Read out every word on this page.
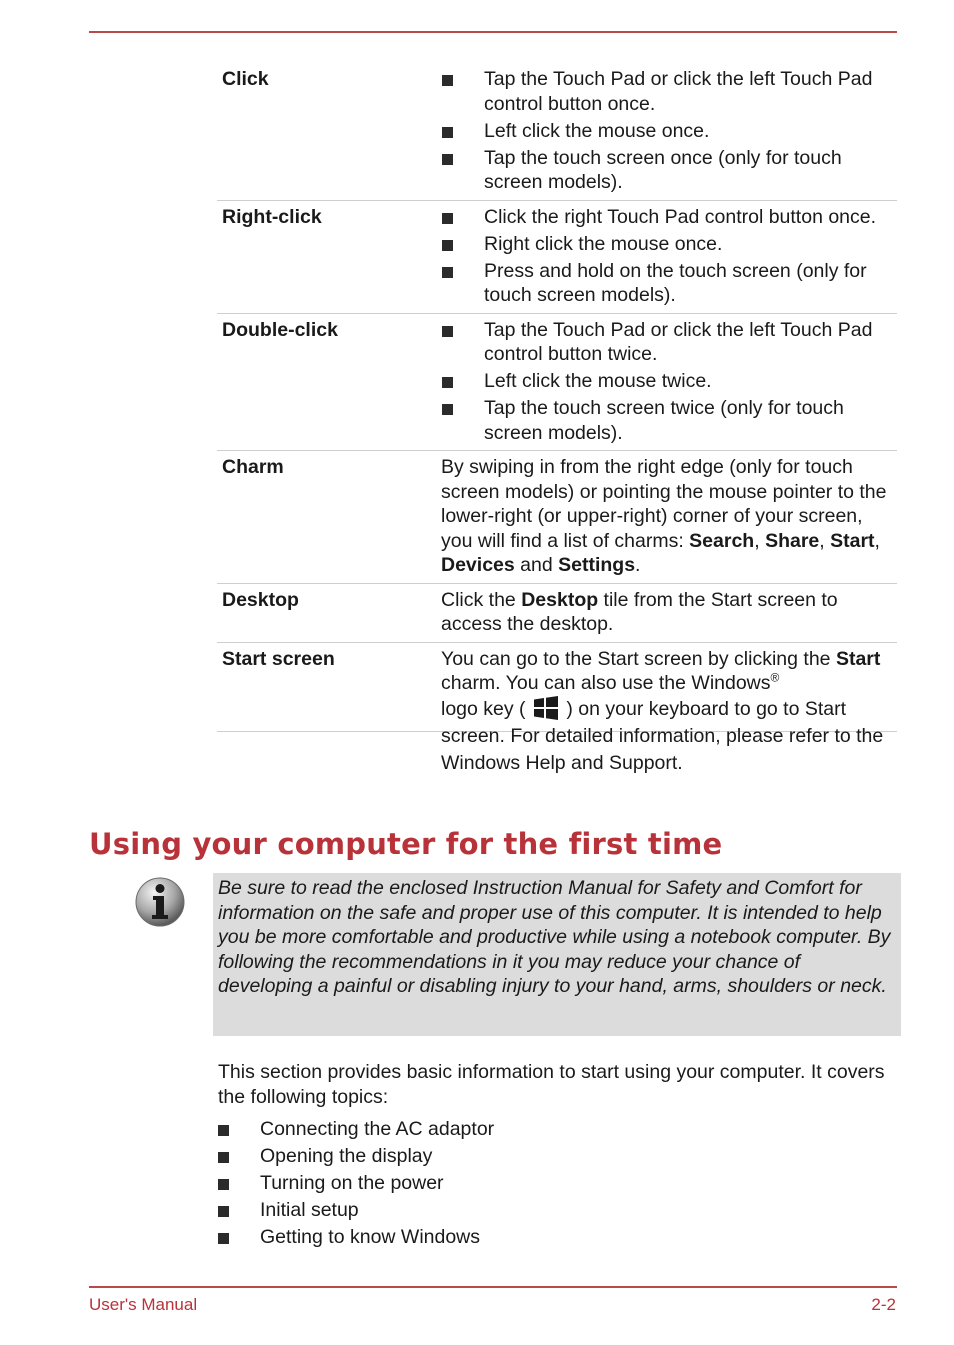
Click	Tap the Touch Pad or click the left Touch Pad control button once.
Left click the mouse once.
Tap the touch screen once (only for touch screen models).
Right-click	Click the right Touch Pad control button once.
Right click the mouse once.
Press and hold on the touch screen (only for touch screen models).
Double-click	Tap the Touch Pad or click the left Touch Pad control button twice.
Left click the mouse twice.
Tap the touch screen twice (only for touch screen models).
Charm	By swiping in from the right edge (only for touch screen models) or pointing the mouse pointer to the lower-right (or upper-right) corner of your screen, you will find a list of charms: Search, Share, Start, Devices and Settings.
Desktop	Click the Desktop tile from the Start screen to access the desktop.
Start screen	You can go to the Start screen by clicking the Start charm. You can also use the Windows®
logo key ( ) on your keyboard to go to Start screen. For detailed information, please refer to the Windows Help and Support.
Using your computer for the first time
Be sure to read the enclosed Instruction Manual for Safety and Comfort for information on the safe and proper use of this computer. It is intended to help you be more comfortable and productive while using a notebook computer. By following the recommendations in it you may reduce your chance of developing a painful or disabling injury to your hand, arms, shoulders or neck.

This section provides basic information to start using your computer. It covers the following topics:

Connecting the AC adaptor
Opening the display
Turning on the power
Initial setup
Getting to know Windows
User's Manual	2-2
